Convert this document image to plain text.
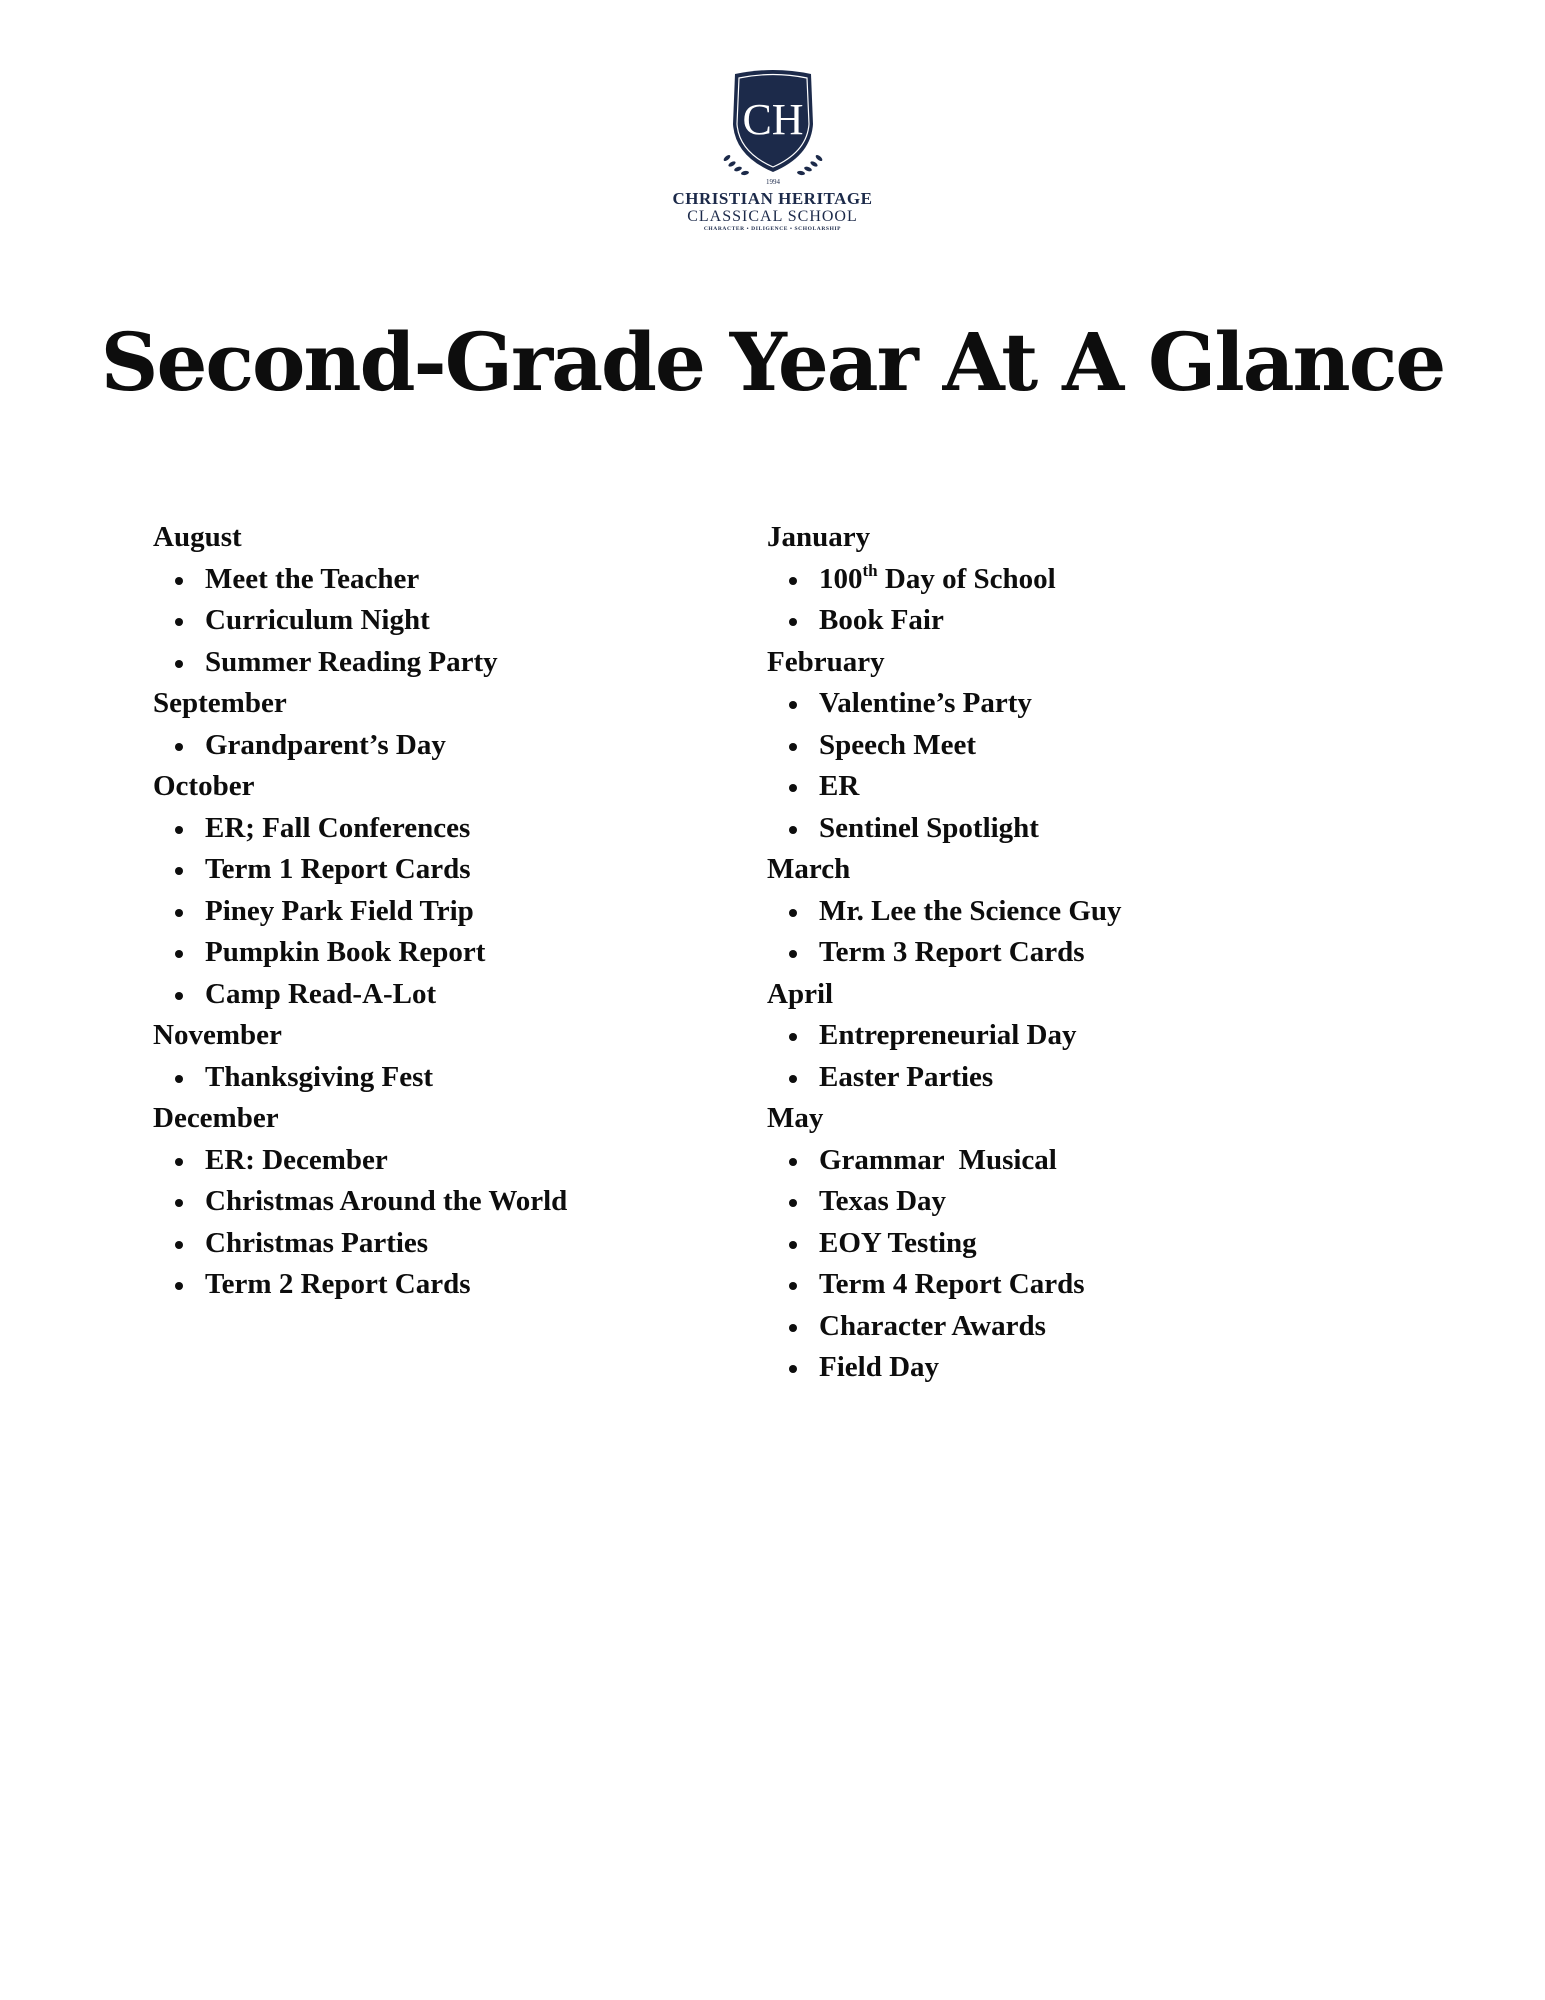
CH
1994
CHRISTIAN HERITAGE
CLASSICAL SCHOOL
CHARACTER • DILIGENCE • SCHOLARSHIP
Second-Grade Year At A Glance
August
Meet the Teacher
Curriculum Night
Summer Reading Party
September
Grandparent’s Day
October
ER; Fall Conferences
Term 1 Report Cards
Piney Park Field Trip
Pumpkin Book Report
Camp Read-A-Lot
November
Thanksgiving Fest
December
ER: December
Christmas Around the World
Christmas Parties
Term 2 Report Cards
January
100th Day of School
Book Fair
February
Valentine’s Party
Speech Meet
ER
Sentinel Spotlight
March
Mr. Lee the Science Guy
Term 3 Report Cards
April
Entrepreneurial Day
Easter Parties
May
Grammar  Musical
Texas Day
EOY Testing
Term 4 Report Cards
Character Awards
Field Day
